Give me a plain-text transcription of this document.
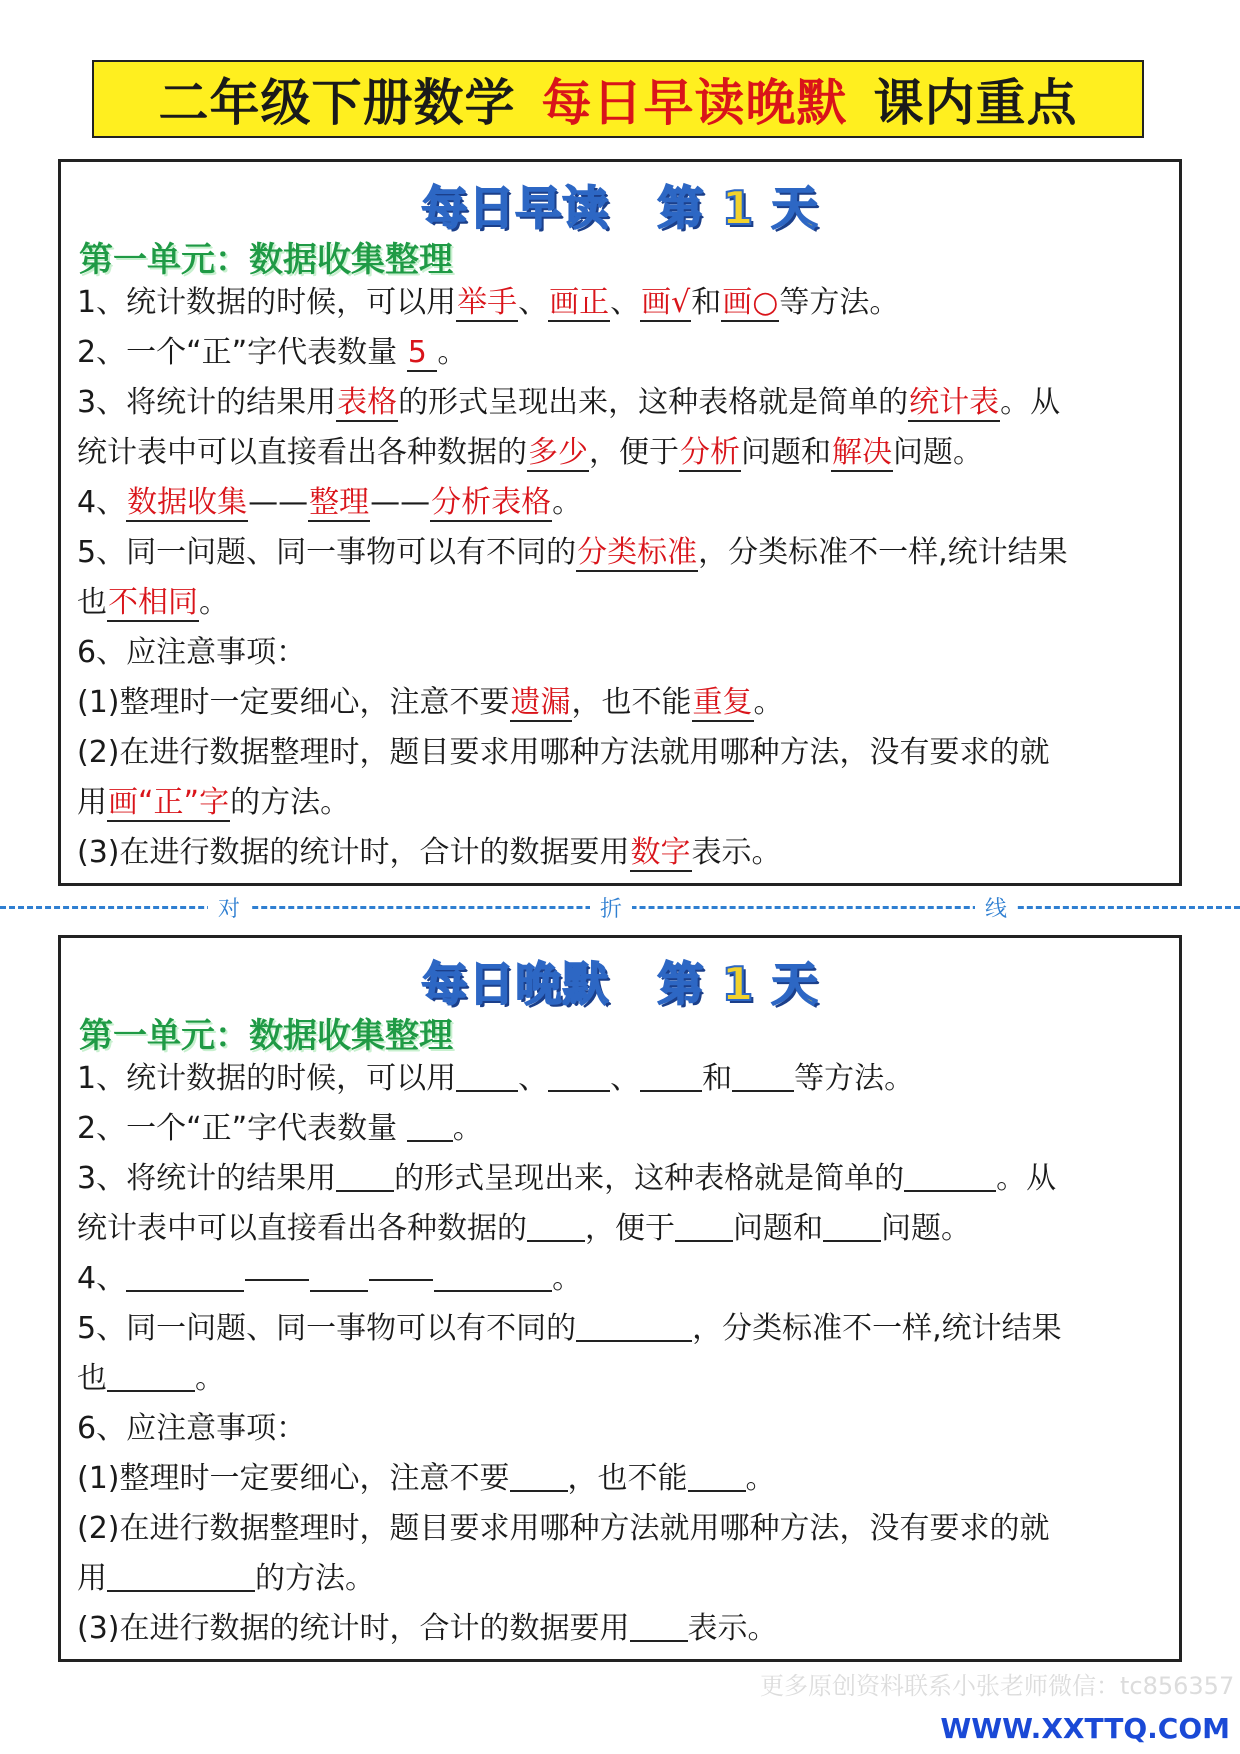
二年级下册数学 每日早读晚默 课内重点
每日早读 第 1 天
第一单元：数据收集整理
1、统计数据的时候，可以用举手、画正、画√和画○等方法。
2、一个“正”字代表数量 5 。
3、将统计的结果用表格的形式呈现出来，这种表格就是简单的统计表。从
统计表中可以直接看出各种数据的多少，便于分析问题和解决问题。
4、数据收集——整理——分析表格。
5、同一问题、同一事物可以有不同的分类标准，分类标准不一样,统计结果
也不相同。
6、应注意事项：
(1)整理时一定要细心，注意不要遗漏，也不能重复。
(2)在进行数据整理时，题目要求用哪种方法就用哪种方法，没有要求的就
用画“正”字的方法。
(3)在进行数据的统计时，合计的数据要用数字表示。
对	折	线
每日晚默 第 1 天
第一单元：数据收集整理
1、统计数据的时候，可以用 、 、 和 等方法。
2、一个“正”字代表数量 。
3、将统计的结果用 的形式呈现出来，这种表格就是简单的	。从
统计表中可以直接看出各种数据的 ，便于 问题和 问题。
4、	。
5、同一问题、同一事物可以有不同的	，分类标准不一样,统计结果
也	。
6、应注意事项：
(1)整理时一定要细心，注意不要 ，也不能 。
(2)在进行数据整理时，题目要求用哪种方法就用哪种方法，没有要求的就
用	的方法。
(3)在进行数据的统计时，合计的数据要用 表示。
更多原创资料联系小张老师微信：tc856357
WWW.XXTTQ.COM
